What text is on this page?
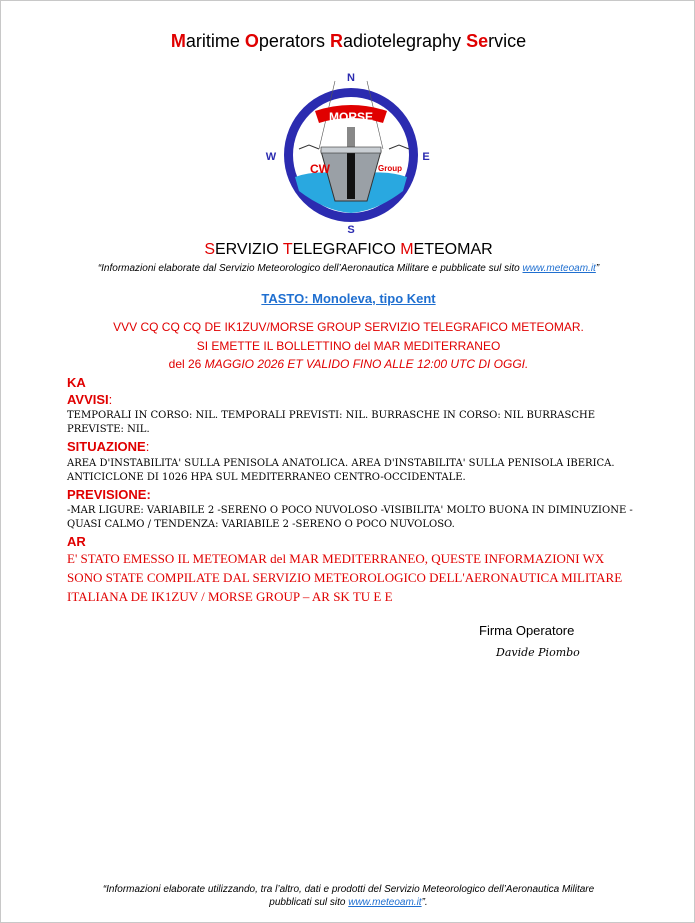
Maritime Operators Radiotelegraphy Service
N
S
W	E
MORSE
CW	Group
SERVIZIO TELEGRAFICO METEOMAR
“Informazioni elaborate dal Servizio Meteorologico dell’Aeronautica Militare e pubblicate sul sito www.meteoam.it”
TASTO: Monoleva, tipo Kent
VVV CQ CQ CQ DE IK1ZUV/MORSE GROUP SERVIZIO TELEGRAFICO METEOMAR.
SI EMETTE IL BOLLETTINO del MAR MEDITERRANEO
del 26 MAGGIO 2026 ET VALIDO FINO ALLE 12:00 UTC DI OGGI.
KA
AVVISI:
TEMPORALI IN CORSO: NIL. TEMPORALI PREVISTI: NIL. BURRASCHE IN CORSO: NIL BURRASCHE PREVISTE: NIL.
SITUAZIONE:
AREA D'INSTABILITA' SULLA PENISOLA ANATOLICA. AREA D'INSTABILITA' SULLA PENISOLA IBERICA. ANTICICLONE DI 1026 HPA SUL MEDITERRANEO CENTRO-OCCIDENTALE.
PREVISIONE:
-MAR LIGURE: VARIABILE 2 -SERENO O POCO NUVOLOSO -VISIBILITA' MOLTO BUONA IN DIMINUZIONE - QUASI CALMO / TENDENZA: VARIABILE 2 -SERENO O POCO NUVOLOSO.
AR
E' STATO EMESSO IL METEOMAR del MAR MEDITERRANEO, QUESTE INFORMAZIONI WX SONO STATE COMPILATE DAL SERVIZIO METEOROLOGICO DELL'AERONAUTICA MILITARE ITALIANA DE IK1ZUV / MORSE GROUP – AR SK TU E E
Firma Operatore
Davide Piombo
“Informazioni elaborate utilizzando, tra l’altro, dati e prodotti del Servizio Meteorologico dell’Aeronautica Militare
pubblicati sul sito www.meteoam.it”.
